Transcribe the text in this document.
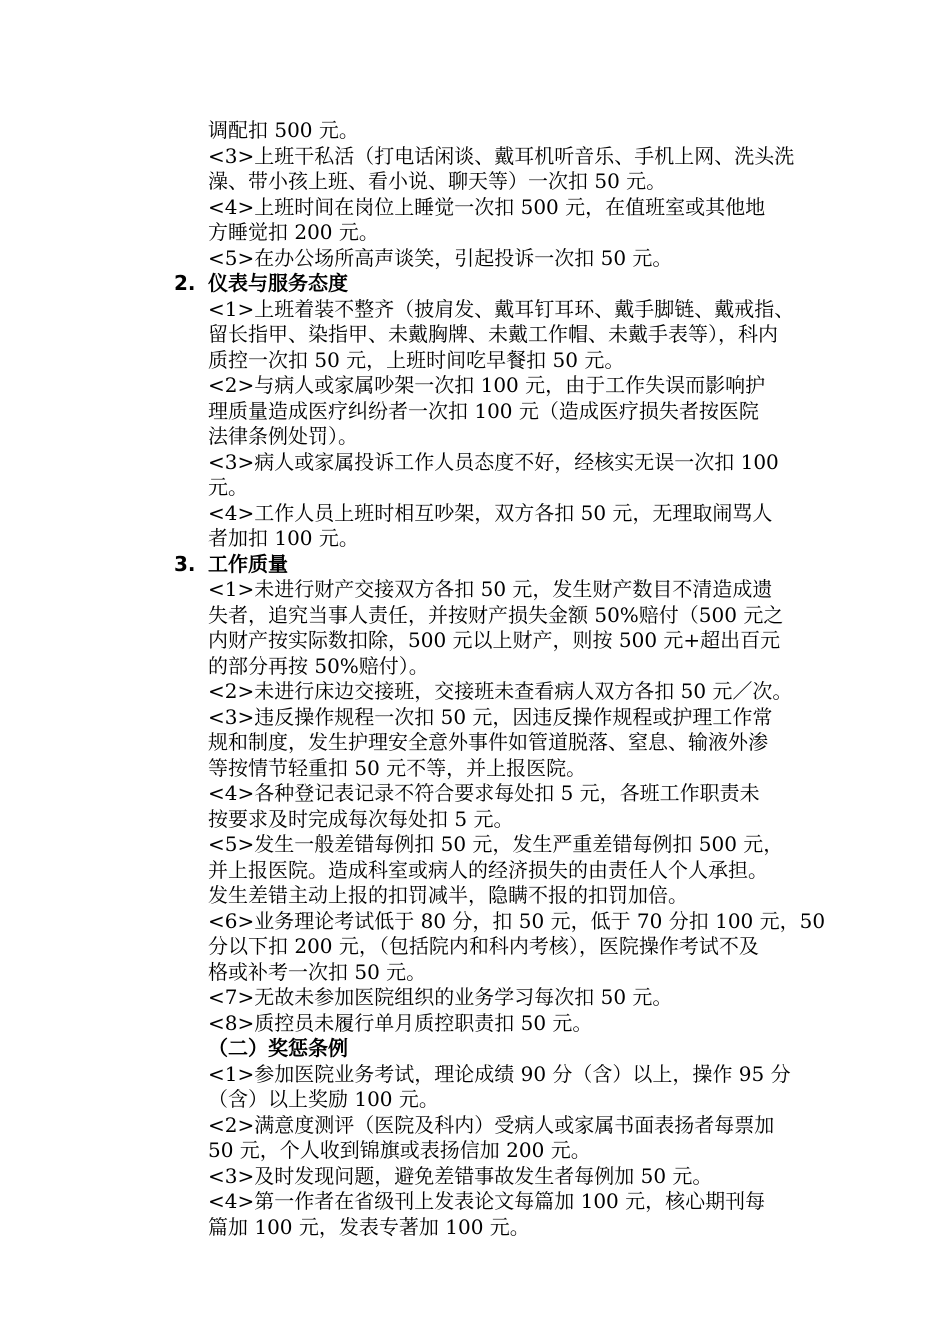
调配扣 500 元。
<3>上班干私活（打电话闲谈、戴耳机听音乐、手机上网、洗头洗
澡、带小孩上班、看小说、聊天等）一次扣 50 元。
<4>上班时间在岗位上睡觉一次扣 500 元，在值班室或其他地
方睡觉扣 200 元。
<5>在办公场所高声谈笑，引起投诉一次扣 50 元。
2. 仪表与服务态度
<1>上班着装不整齐（披肩发、戴耳钉耳环、戴手脚链、戴戒指、
留长指甲、染指甲、未戴胸牌、未戴工作帽、未戴手表等），科内
质控一次扣 50 元，上班时间吃早餐扣 50 元。
<2>与病人或家属吵架一次扣 100 元，由于工作失误而影响护
理质量造成医疗纠纷者一次扣 100 元（造成医疗损失者按医院
法律条例处罚）。
<3>病人或家属投诉工作人员态度不好，经核实无误一次扣 100
元。
<4>工作人员上班时相互吵架，双方各扣 50 元，无理取闹骂人
者加扣 100 元。
3. 工作质量
<1>未进行财产交接双方各扣 50 元，发生财产数目不清造成遗
失者，追究当事人责任，并按财产损失金额 50%赔付（500 元之
内财产按实际数扣除，500 元以上财产，则按 500 元+超出百元
的部分再按 50%赔付）。
<2>未进行床边交接班，交接班未查看病人双方各扣 50 元／次。
<3>违反操作规程一次扣 50 元，因违反操作规程或护理工作常
规和制度，发生护理安全意外事件如管道脱落、窒息、输液外渗
等按情节轻重扣 50 元不等，并上报医院。
<4>各种登记表记录不符合要求每处扣 5 元，各班工作职责未
按要求及时完成每次每处扣 5 元。
<5>发生一般差错每例扣 50 元，发生严重差错每例扣 500 元，
并上报医院。造成科室或病人的经济损失的由责任人个人承担。
发生差错主动上报的扣罚减半，隐瞒不报的扣罚加倍。
<6>业务理论考试低于 80 分，扣 50 元，低于 70 分扣 100 元，50
分以下扣 200 元，（包括院内和科内考核），医院操作考试不及
格或补考一次扣 50 元。
<7>无故未参加医院组织的业务学习每次扣 50 元。
<8>质控员未履行单月质控职责扣 50 元。
（二）奖惩条例
<1>参加医院业务考试，理论成绩 90 分（含）以上，操作 95 分
（含）以上奖励 100 元。
<2>满意度测评（医院及科内）受病人或家属书面表扬者每票加
50 元，个人收到锦旗或表扬信加 200 元。
<3>及时发现问题，避免差错事故发生者每例加 50 元。
<4>第一作者在省级刊上发表论文每篇加 100 元，核心期刊每
篇加 100 元，发表专著加 100 元。
